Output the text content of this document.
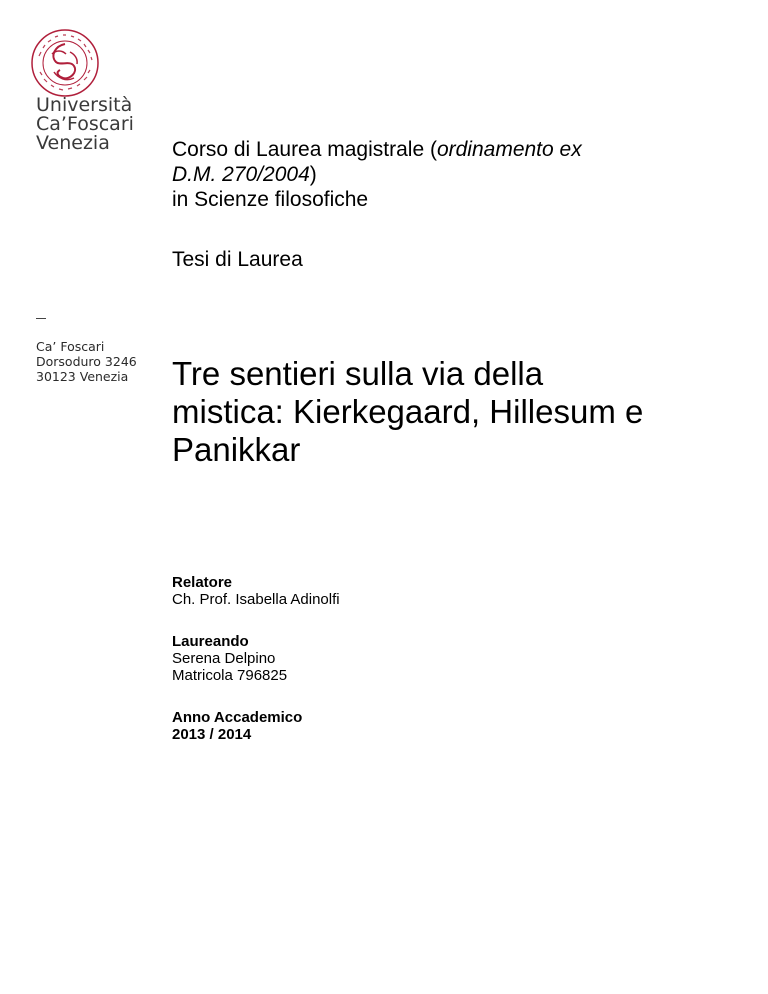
Università
Ca’Foscari
Venezia
Ca’ Foscari
Dorsoduro 3246
30123 Venezia
Corso di Laurea magistrale (ordinamento ex
D.M. 270/2004)
in Scienze filosofiche
Tesi di Laurea
Tre sentieri sulla via della
mistica: Kierkegaard, Hillesum e
Panikkar
Relatore
Ch. Prof. Isabella Adinolfi
Laureando
Serena Delpino
Matricola 796825
Anno Accademico
2013 / 2014
